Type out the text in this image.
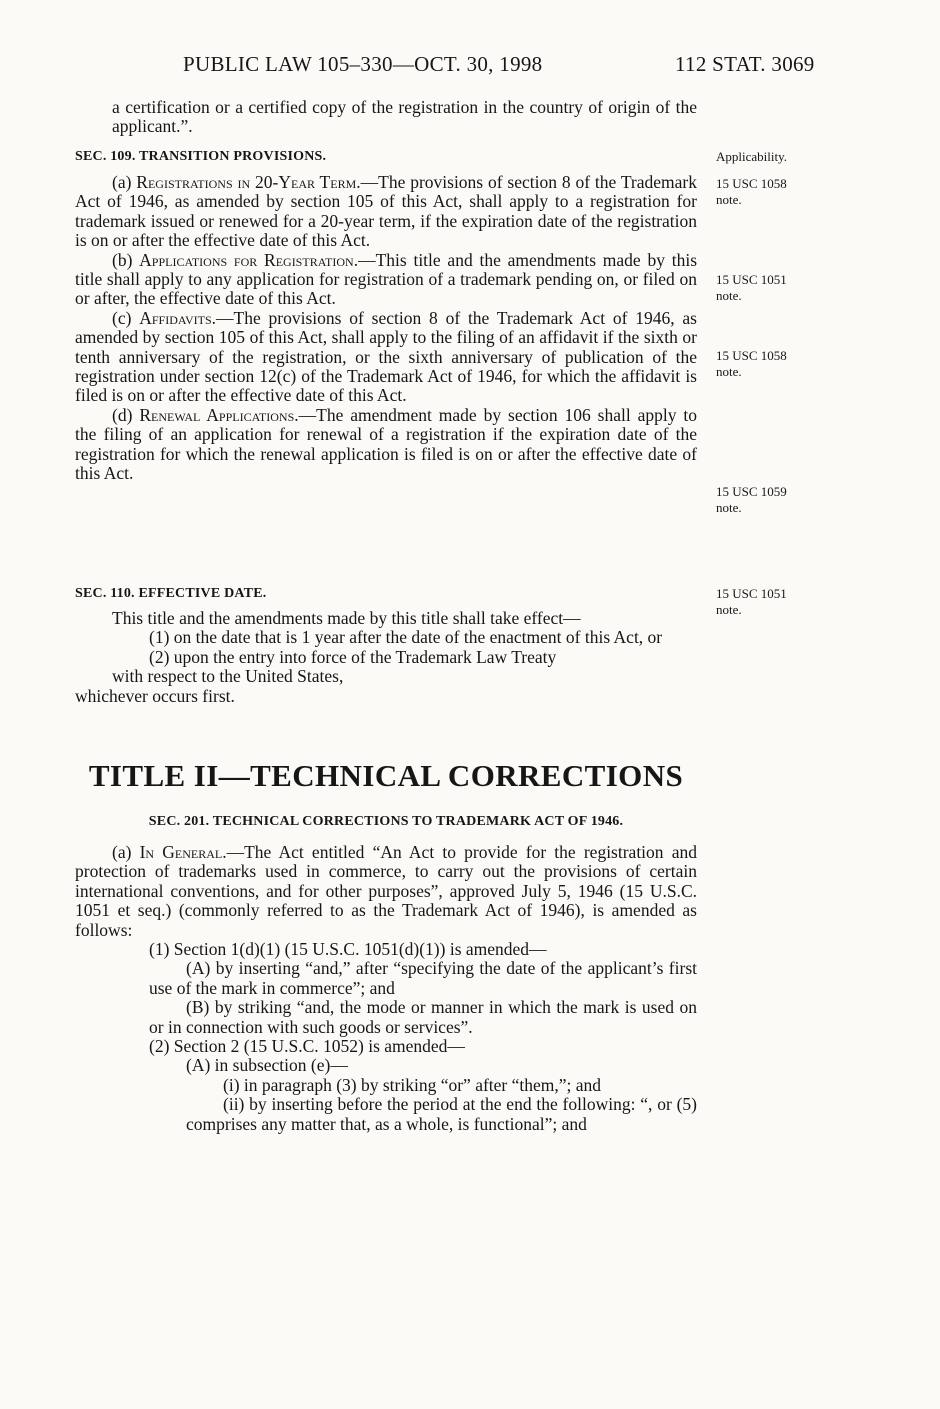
PUBLIC LAW 105–330—OCT. 30, 1998	112 STAT. 3069

a certification or a certified copy of the registration in the country of origin of the applicant.”.

SEC. 109. TRANSITION PROVISIONS.	Applicability.

(a) Registrations in 20-Year Term.—The provisions of section 8 of the Trademark Act of 1946, as amended by section 105 of this Act, shall apply to a registration for trademark issued or renewed for a 20-year term, if the expiration date of the registration is on or after the effective date of this Act.

(b) Applications for Registration.—This title and the amendments made by this title shall apply to any application for registration of a trademark pending on, or filed on or after, the effective date of this Act.

(c) Affidavits.—The provisions of section 8 of the Trademark Act of 1946, as amended by section 105 of this Act, shall apply to the filing of an affidavit if the sixth or tenth anniversary of the registration, or the sixth anniversary of publication of the registration under section 12(c) of the Trademark Act of 1946, for which the affidavit is filed is on or after the effective date of this Act.

(d) Renewal Applications.—The amendment made by section 106 shall apply to the filing of an application for renewal of a registration if the expiration date of the registration for which the renewal application is filed is on or after the effective date of this Act.

15 USC 1058
note.
15 USC 1051
note.
15 USC 1058
note.
15 USC 1059
note.
SEC. 110. EFFECTIVE DATE.	15 USC 1051
note.

This title and the amendments made by this title shall take effect—

(1) on the date that is 1 year after the date of the enactment of this Act, or

(2) upon the entry into force of the Trademark Law Treaty

with respect to the United States,

whichever occurs first.

TITLE II—TECHNICAL CORRECTIONS
SEC. 201. TECHNICAL CORRECTIONS TO TRADEMARK ACT OF 1946.

(a) In General.—The Act entitled “An Act to provide for the registration and protection of trademarks used in commerce, to carry out the provisions of certain international conventions, and for other purposes”, approved July 5, 1946 (15 U.S.C. 1051 et seq.) (commonly referred to as the Trademark Act of 1946), is amended as follows:

(1) Section 1(d)(1) (15 U.S.C. 1051(d)(1)) is amended—

(A) by inserting “and,” after “specifying the date of the applicant’s first use of the mark in commerce”; and

(B) by striking “and, the mode or manner in which the mark is used on or in connection with such goods or services”.

(2) Section 2 (15 U.S.C. 1052) is amended—

(A) in subsection (e)—

(i) in paragraph (3) by striking “or” after “them,”; and

(ii) by inserting before the period at the end the following: “, or (5) comprises any matter that, as a whole, is functional”; and
